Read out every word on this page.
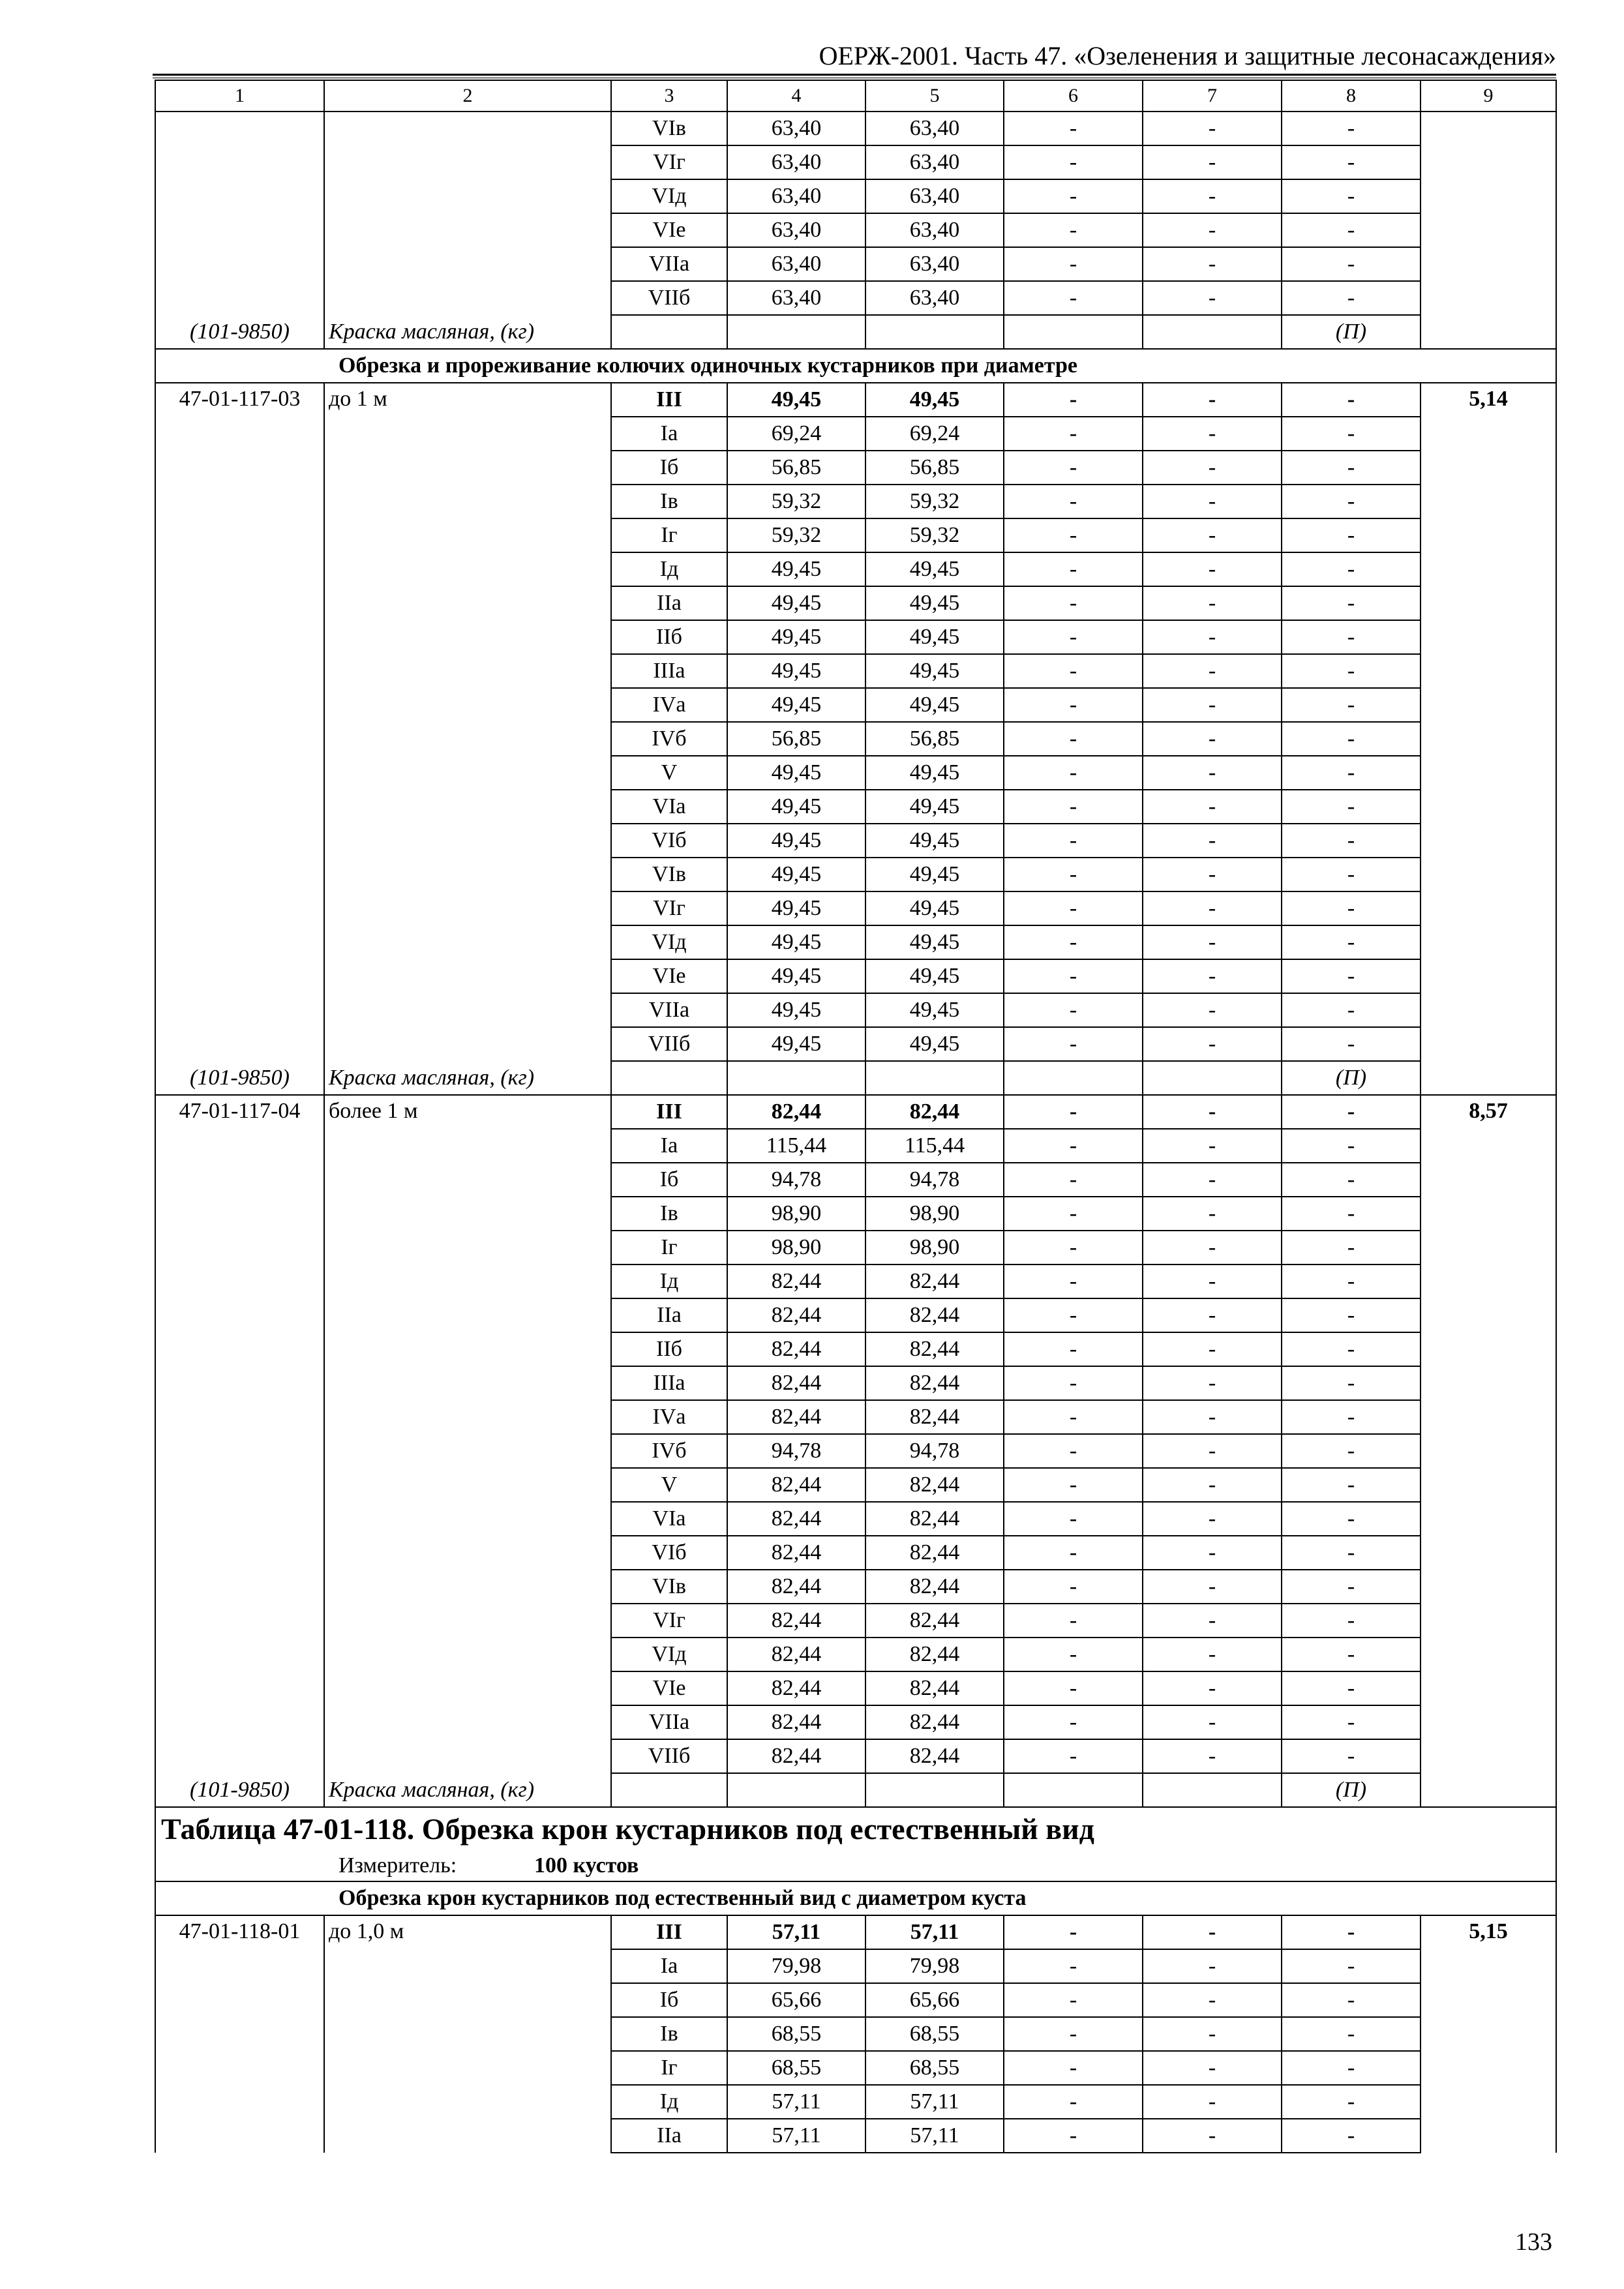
ОЕРЖ-2001. Часть 47. «Озеленения и защитные лесонасаждения»
1	2	3	4	5	6	7	8	9
		VIв	63,40	63,40	-	-	-	
		VIг	63,40	63,40	-	-	-	
		VIд	63,40	63,40	-	-	-	
		VIе	63,40	63,40	-	-	-	
		VIIа	63,40	63,40	-	-	-	
		VIIб	63,40	63,40	-	-	-	
(101-9850)	Краска масляная, (кг)						(П)	
Обрезка и прореживание колючих одиночных кустарников при диаметре								
47-01-117-03	до 1 м	III	49,45	49,45	-	-	-	5,14
		Iа	69,24	69,24	-	-	-	
		Iб	56,85	56,85	-	-	-	
		Iв	59,32	59,32	-	-	-	
		Iг	59,32	59,32	-	-	-	
		Iд	49,45	49,45	-	-	-	
		IIа	49,45	49,45	-	-	-	
		IIб	49,45	49,45	-	-	-	
		IIIа	49,45	49,45	-	-	-	
		IVа	49,45	49,45	-	-	-	
		IVб	56,85	56,85	-	-	-	
		V	49,45	49,45	-	-	-	
		VIа	49,45	49,45	-	-	-	
		VIб	49,45	49,45	-	-	-	
		VIв	49,45	49,45	-	-	-	
		VIг	49,45	49,45	-	-	-	
		VIд	49,45	49,45	-	-	-	
		VIе	49,45	49,45	-	-	-	
		VIIа	49,45	49,45	-	-	-	
		VIIб	49,45	49,45	-	-	-	
(101-9850)	Краска масляная, (кг)						(П)	
47-01-117-04	более 1 м	III	82,44	82,44	-	-	-	8,57
		Iа	115,44	115,44	-	-	-	
		Iб	94,78	94,78	-	-	-	
		Iв	98,90	98,90	-	-	-	
		Iг	98,90	98,90	-	-	-	
		Iд	82,44	82,44	-	-	-	
		IIа	82,44	82,44	-	-	-	
		IIб	82,44	82,44	-	-	-	
		IIIа	82,44	82,44	-	-	-	
		IVа	82,44	82,44	-	-	-	
		IVб	94,78	94,78	-	-	-	
		V	82,44	82,44	-	-	-	
		VIа	82,44	82,44	-	-	-	
		VIб	82,44	82,44	-	-	-	
		VIв	82,44	82,44	-	-	-	
		VIг	82,44	82,44	-	-	-	
		VIд	82,44	82,44	-	-	-	
		VIе	82,44	82,44	-	-	-	
		VIIа	82,44	82,44	-	-	-	
		VIIб	82,44	82,44	-	-	-	
(101-9850)	Краска масляная, (кг)						(П)	
Таблица 47-01-118. Обрезка крон кустарников под естественный вид								
Измеритель: 100 кустов								
Обрезка крон кустарников под естественный вид с диаметром куста								
47-01-118-01	до 1,0 м	III	57,11	57,11	-	-	-	5,15
		Iа	79,98	79,98	-	-	-	
		Iб	65,66	65,66	-	-	-	
		Iв	68,55	68,55	-	-	-	
		Iг	68,55	68,55	-	-	-	
		Iд	57,11	57,11	-	-	-	
		IIа	57,11	57,11	-	-	-	
133
